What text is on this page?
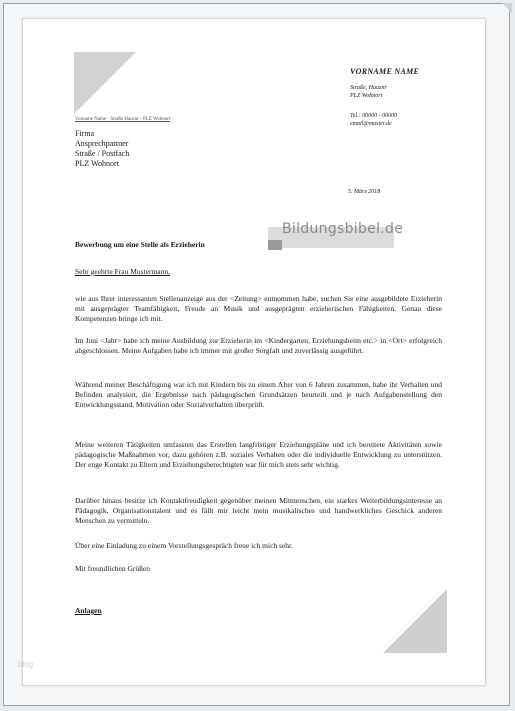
VORNAME NAME
Straße, Hausnr
PLZ Wohnort
Tel.: 00000 - 00000
email@muster.de
Vorname Name - Straße Hausnr - PLZ Wohnort
Firma
Ansprechpartner
Straße / Postfach
PLZ Wohnort
5. März 2018
Bildungsbibel.de
Bewerbung um eine Stelle als Erzieherin
Sehr geehrte Frau Mustermann,
wie aus Ihrer interessanten Stellenanzeige aus der <Zeitung> entnommen habe, suchen Sie eine ausgebildete Erzieherin mit ausgeprägter Teamfähigkeit, Freude an Musik und ausgeprägten erzieherischen Fähigkeiten. Genau diese Kompetenzen bringe ich mit.
Im Juni <Jahr> habe ich meine Ausbildung zur Erzieherin im <Kindergarten, Erziehungsheim etc.> in <Ort> erfolgreich abgeschlossen. Meine Aufgaben habe ich immer mit großer Sorgfalt und zuverlässig ausgeführt.
Während meiner Beschäftigung war ich mit Kindern bis zu einem Alter von 6 Jahren zusammen, habe ihr Verhalten und Befinden analysiert, die Ergebnisse nach pädagogischen Grundsätzen beurteilt und je nach Aufgabenstellung den Entwicklungsstand, Motivation oder Sozialverhalten überprüft.
Meine weiteren Tätigkeiten umfassten das Erstellen langfristiger Erziehungspläne und ich bereitete Aktivitäten sowie pädagogische Maßnahmen vor, dazu gehören z.B. soziales Verhalten oder die individuelle Entwicklung zu unterstützen. Der enge Kontakt zu Eltern und Erziehungsberechtigten war für mich stets sehr wichtig.
Darüber hinaus besitze ich Kontaktfreudigkeit gegenüber meinen Mitmenschen, ein starkes Weiterbildungsinteresse an Pädagogik, Organisationstalent und es fällt mir leicht mein musikalisches und handwerkliches Geschick anderen Menschen zu vermitteln.
Über eine Einladung zu einem Vorstellungsgespräch freue ich mich sehr.
Mit freundlichen Grüßen
Anlagen
blog
